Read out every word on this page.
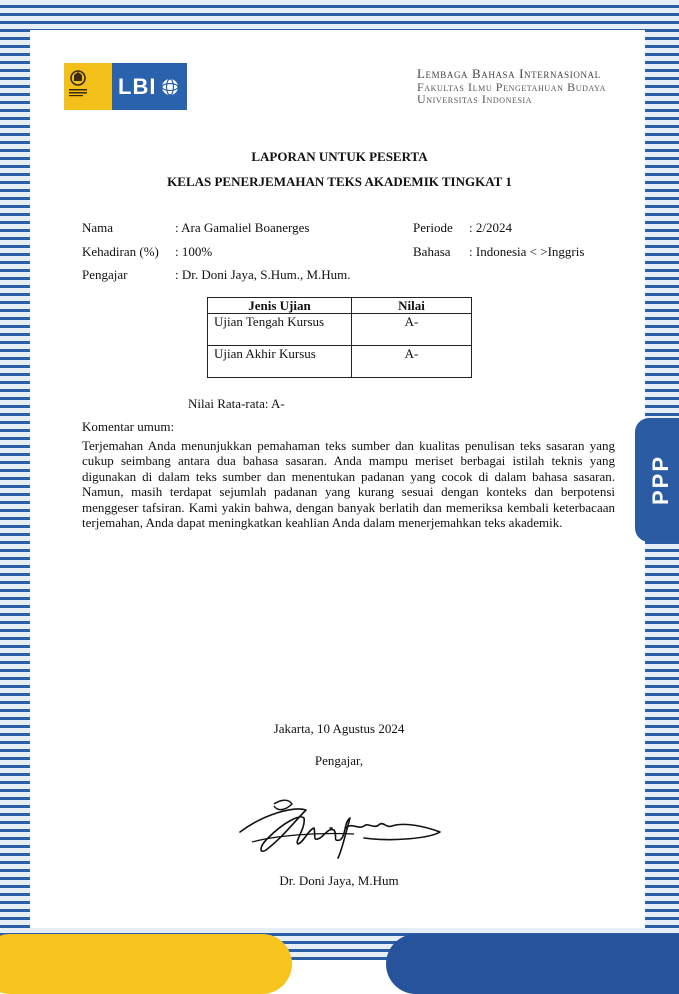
PPP
LBI	Lembaga Bahasa Internasional
Fakultas Ilmu Pengetahuan Budaya
Universitas Indonesia
LAPORAN UNTUK PESERTA
KELAS PENERJEMAHAN TEKS AKADEMIK TINGKAT 1
Nama	: Ara Gamaliel Boanerges
Kehadiran (%) : 100%
Pengajar	: Dr. Doni Jaya, S.Hum., M.Hum.
Periode : 2/2024
Bahasa : Indonesia < >Inggris
Jenis Ujian	Nilai
Ujian Tengah Kursus	A-
Ujian Akhir Kursus	A-
Nilai Rata-rata: A-
Komentar umum:
Terjemahan Anda menunjukkan pemahaman teks sumber dan kualitas penulisan teks sasaran yang cukup seimbang antara dua bahasa sasaran. Anda mampu meriset berbagai istilah teknis yang digunakan di dalam teks sumber dan menentukan padanan yang cocok di dalam bahasa sasaran. Namun, masih terdapat sejumlah padanan yang kurang sesuai dengan konteks dan berpotensi menggeser tafsiran. Kami yakin bahwa, dengan banyak berlatih dan memeriksa kembali keterbacaan terjemahan, Anda dapat meningkatkan keahlian Anda dalam menerjemahkan teks akademik.
Jakarta, 10 Agustus 2024
Pengajar,
Dr. Doni Jaya, M.Hum
